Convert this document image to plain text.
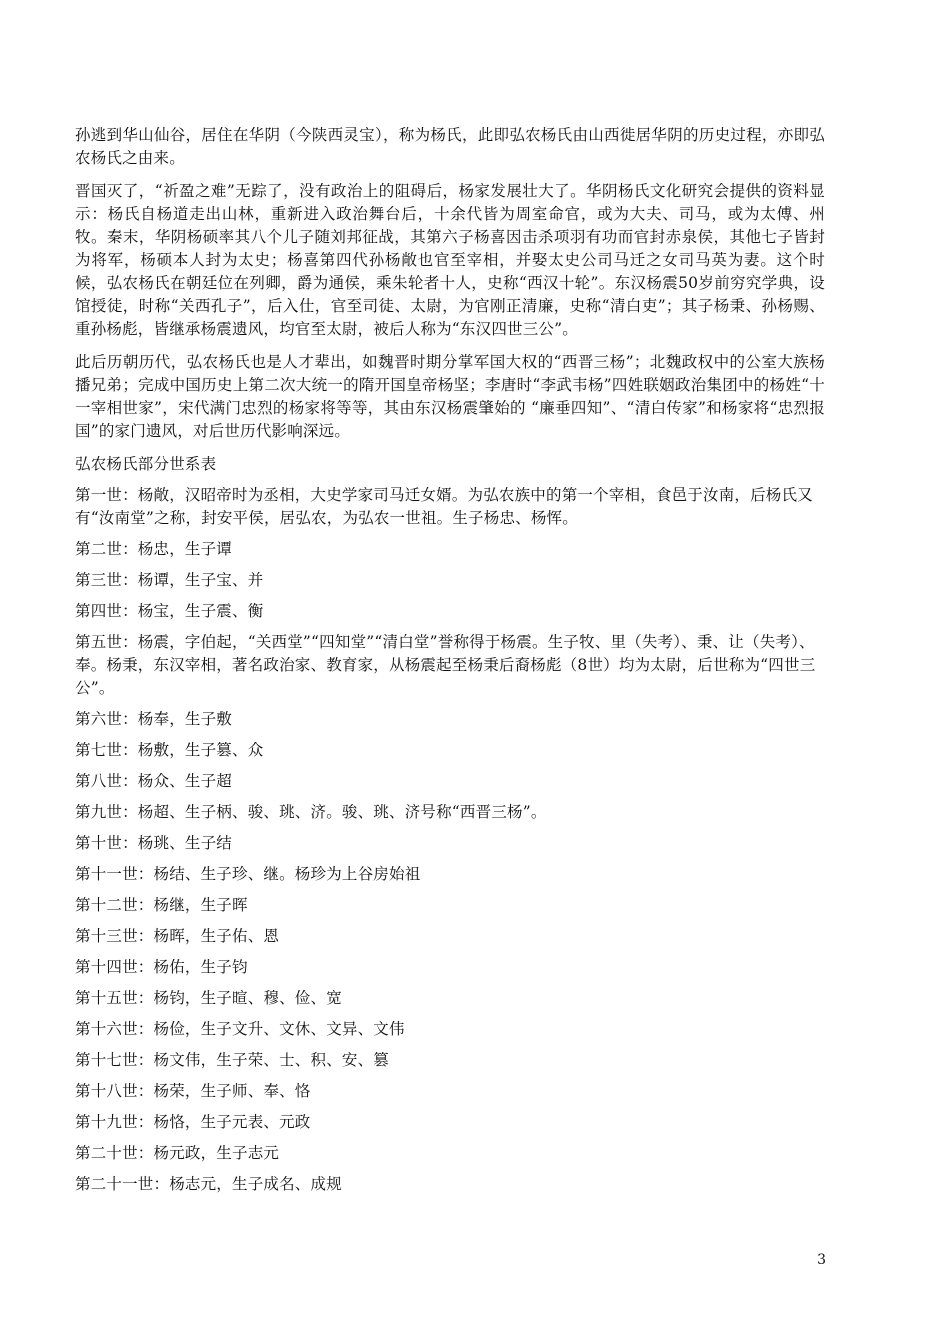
孙逃到华山仙谷，居住在华阴（今陕西灵宝），称为杨氏，此即弘农杨氏由山西徙居华阴的历史过程，亦即弘农杨氏之由来。

晋国灭了，“祈盈之难”无踪了，没有政治上的阻碍后，杨家发展壮大了。华阴杨氏文化研究会提供的资料显示：杨氏自杨道走出山林，重新进入政治舞台后，十余代皆为周室命官，或为大夫、司马，或为太傅、州牧。秦末，华阴杨硕率其八个儿子随刘邦征战，其第六子杨喜因击杀项羽有功而官封赤泉侯，其他七子皆封为将军，杨硕本人封为太史；杨喜第四代孙杨敞也官至宰相，并娶太史公司马迁之女司马英为妻。这个时候，弘农杨氏在朝廷位在列卿，爵为通侯，乘朱轮者十人，史称“西汉十轮”。东汉杨震50岁前穷究学典，设馆授徒，时称“关西孔子”，后入仕，官至司徒、太尉，为官刚正清廉，史称“清白吏”；其子杨秉、孙杨赐、重孙杨彪，皆继承杨震遗风，均官至太尉，被后人称为“东汉四世三公”。

此后历朝历代，弘农杨氏也是人才辈出，如魏晋时期分掌军国大权的“西晋三杨”；北魏政权中的公室大族杨播兄弟；完成中国历史上第二次大统一的隋开国皇帝杨坚；李唐时“李武韦杨”四姓联姻政治集团中的杨姓“十一宰相世家”，宋代满门忠烈的杨家将等等，其由东汉杨震肇始的 “廉垂四知”、“清白传家”和杨家将“忠烈报国”的家门遗风，对后世历代影响深远。

弘农杨氏部分世系表

第一世：杨敞，汉昭帝时为丞相，大史学家司马迁女婿。为弘农族中的第一个宰相，食邑于汝南，后杨氏又有“汝南堂”之称，封安平侯，居弘农，为弘农一世祖。生子杨忠、杨恽。

第二世：杨忠，生子谭

第三世：杨谭，生子宝、并

第四世：杨宝，生子震、衡

第五世：杨震，字伯起，“关西堂”“四知堂”“清白堂”誉称得于杨震。生子牧、里（失考）、秉、让（失考）、奉。杨秉，东汉宰相，著名政治家、教育家，从杨震起至杨秉后裔杨彪（8世）均为太尉，后世称为“四世三公”。

第六世：杨奉，生子敷

第七世：杨敷，生子篡、众

第八世：杨众、生子超

第九世：杨超、生子柄、骏、珧、济。骏、珧、济号称“西晋三杨”。

第十世：杨珧、生子结

第十一世：杨结、生子珍、继。杨珍为上谷房始祖

第十二世：杨继，生子晖

第十三世：杨晖，生子佑、恩

第十四世：杨佑，生子钧

第十五世：杨钧，生子暄、穆、俭、宽

第十六世：杨俭，生子文升、文休、文异、文伟

第十七世：杨文伟，生子荣、士、积、安、篡

第十八世：杨荣，生子师、奉、恪

第十九世：杨恪，生子元表、元政

第二十世：杨元政，生子志元

第二十一世：杨志元，生子成名、成规

3
